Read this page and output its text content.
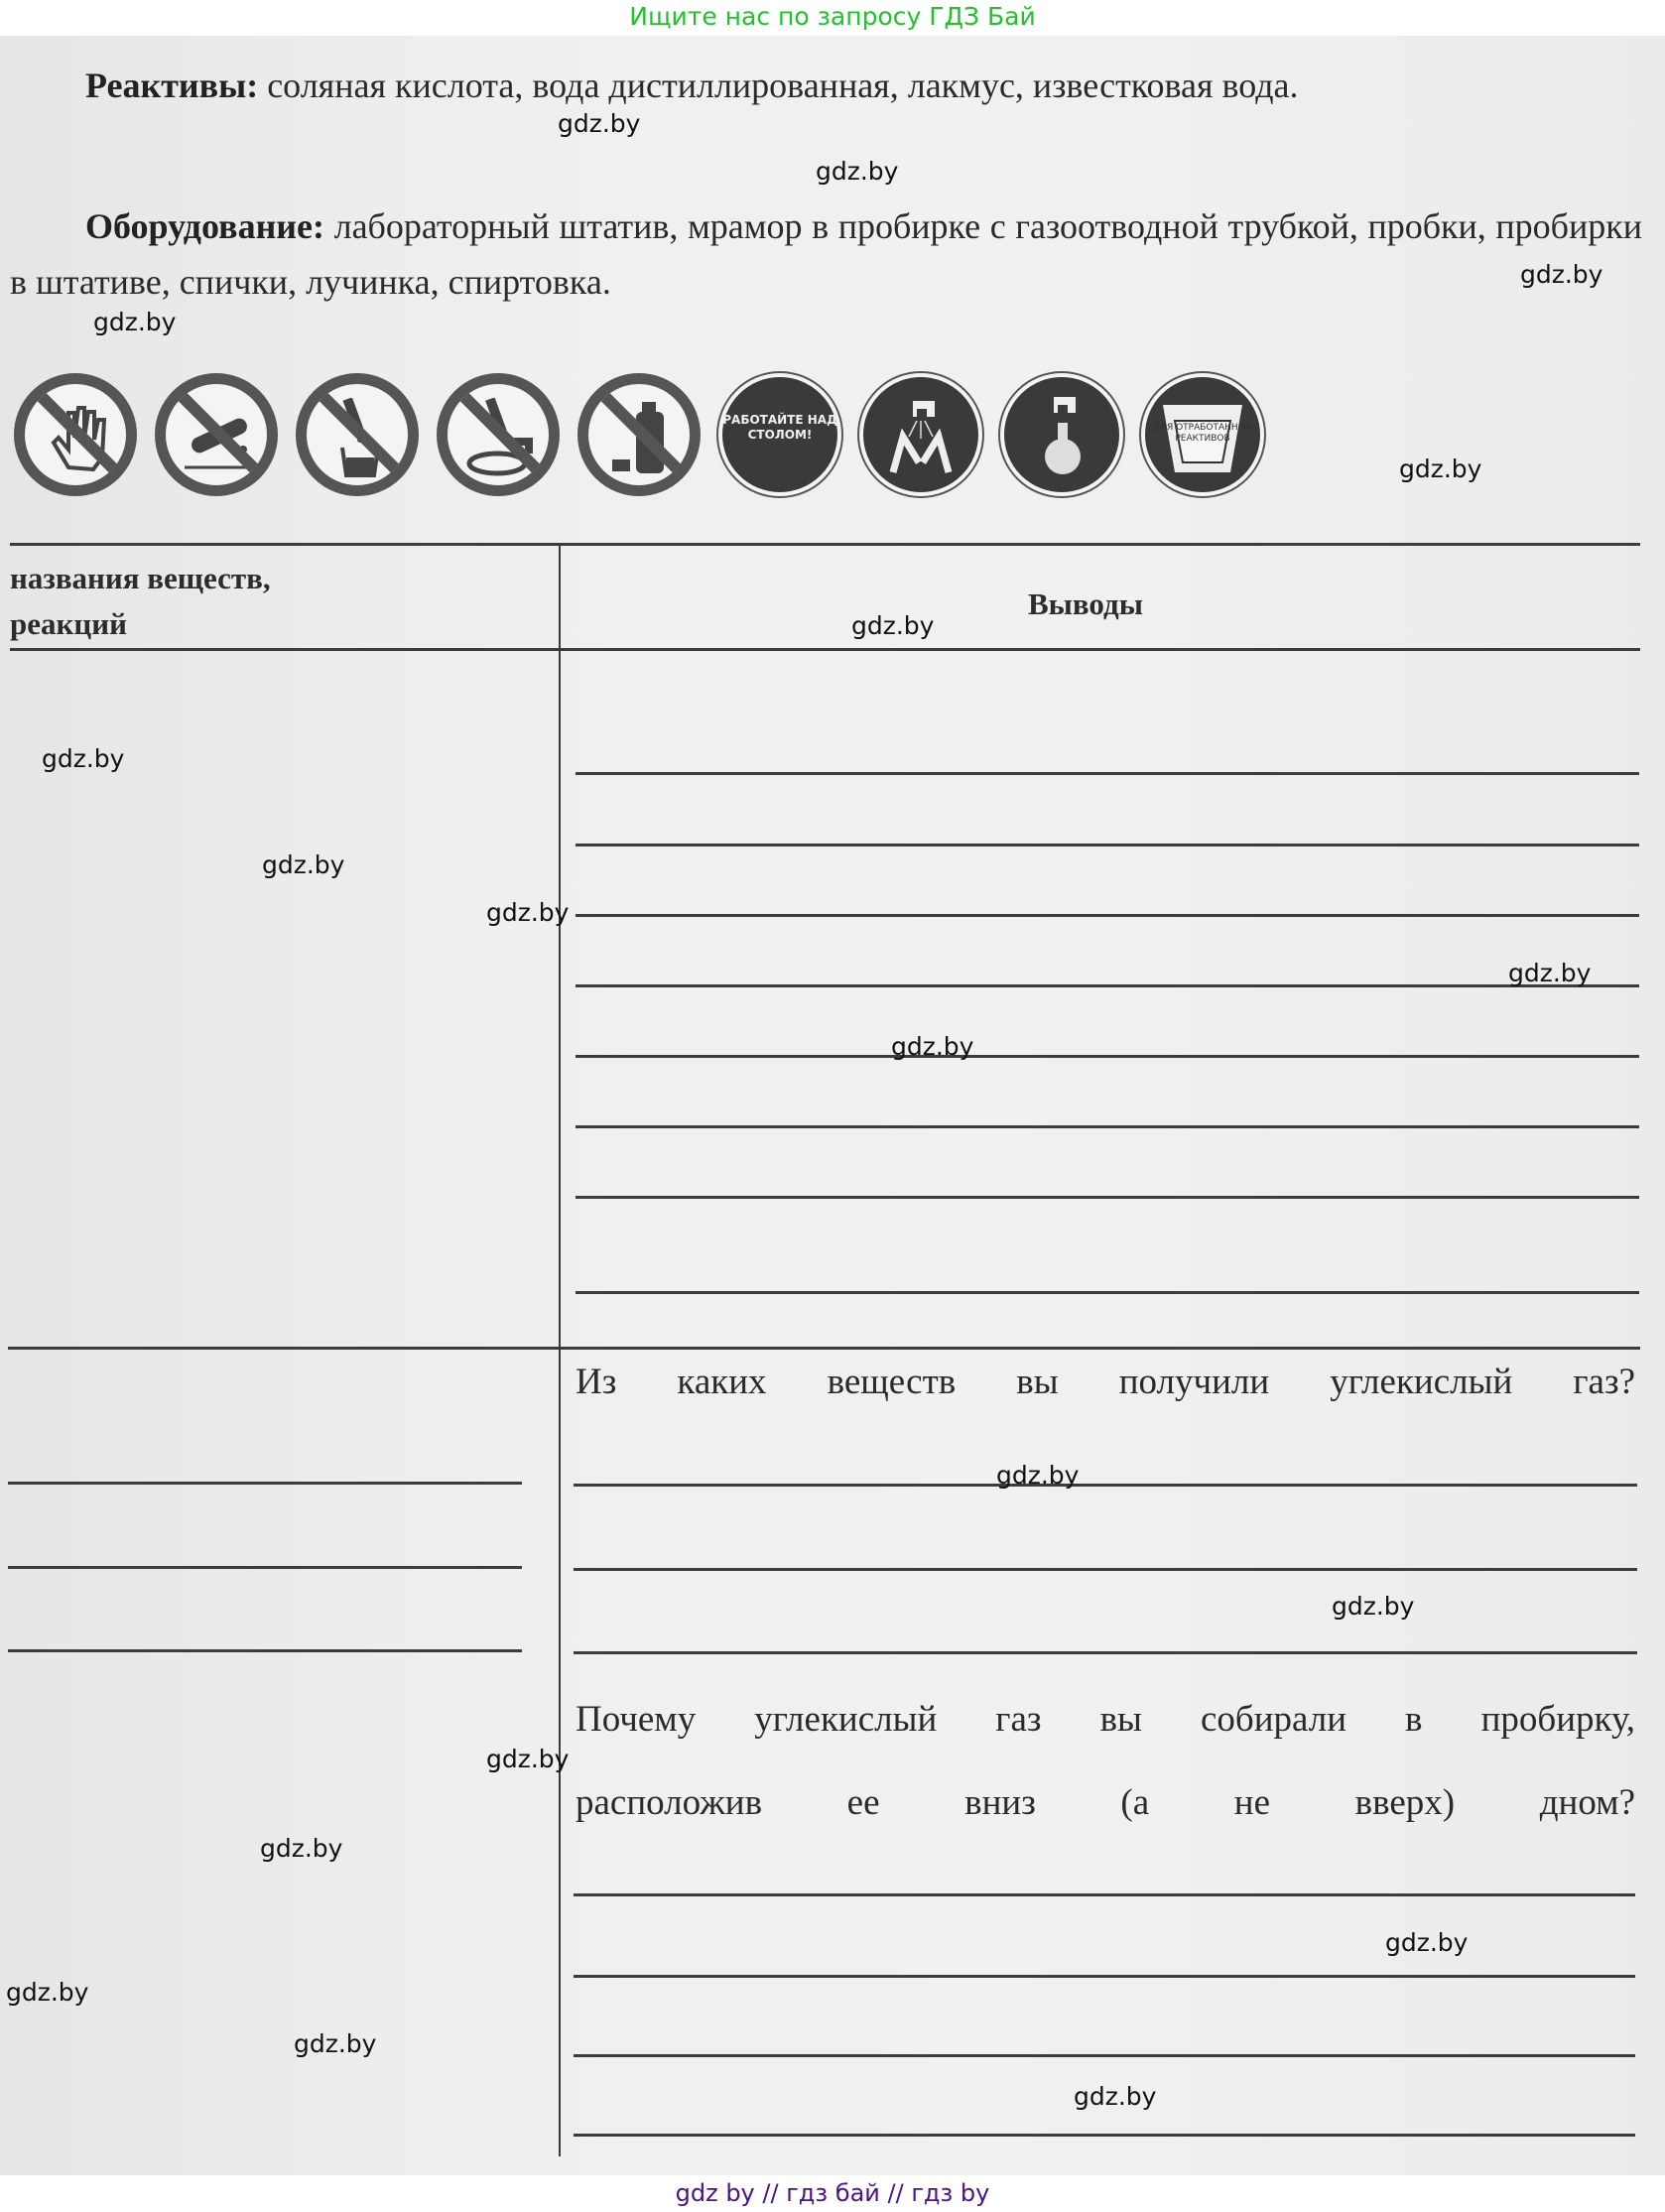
Ищите нас по запросу ГДЗ Бай
Реактивы: соляная кислота, вода дистиллированная, лакмус, известковая вода.
Оборудование: лабораторный штатив, мрамор в пробирке с газоотводной трубкой, пробки, пробирки в штативе, спички, лучинка, спиртовка.
РАБОТАЙТЕ НАД СТОЛОМ!	ДЛЯ ОТРАБОТАННЫХ РЕАКТИВОВ
названия веществ,
реакций
Выводы
Из каких веществ вы получили углекислый газ?
Почему углекислый газ вы собирали в пробирку,
расположив ее вниз (а не вверх) дном?
gdz.by
gdz.by
gdz.by
gdz.by
gdz.by
gdz.by
gdz.by
gdz.by
gdz.by
gdz.by
gdz.by
gdz.by
gdz.by
gdz.by
gdz.by
gdz.by
gdz.by
gdz.by
gdz.by
gdz by // гдз бай // гдз by
